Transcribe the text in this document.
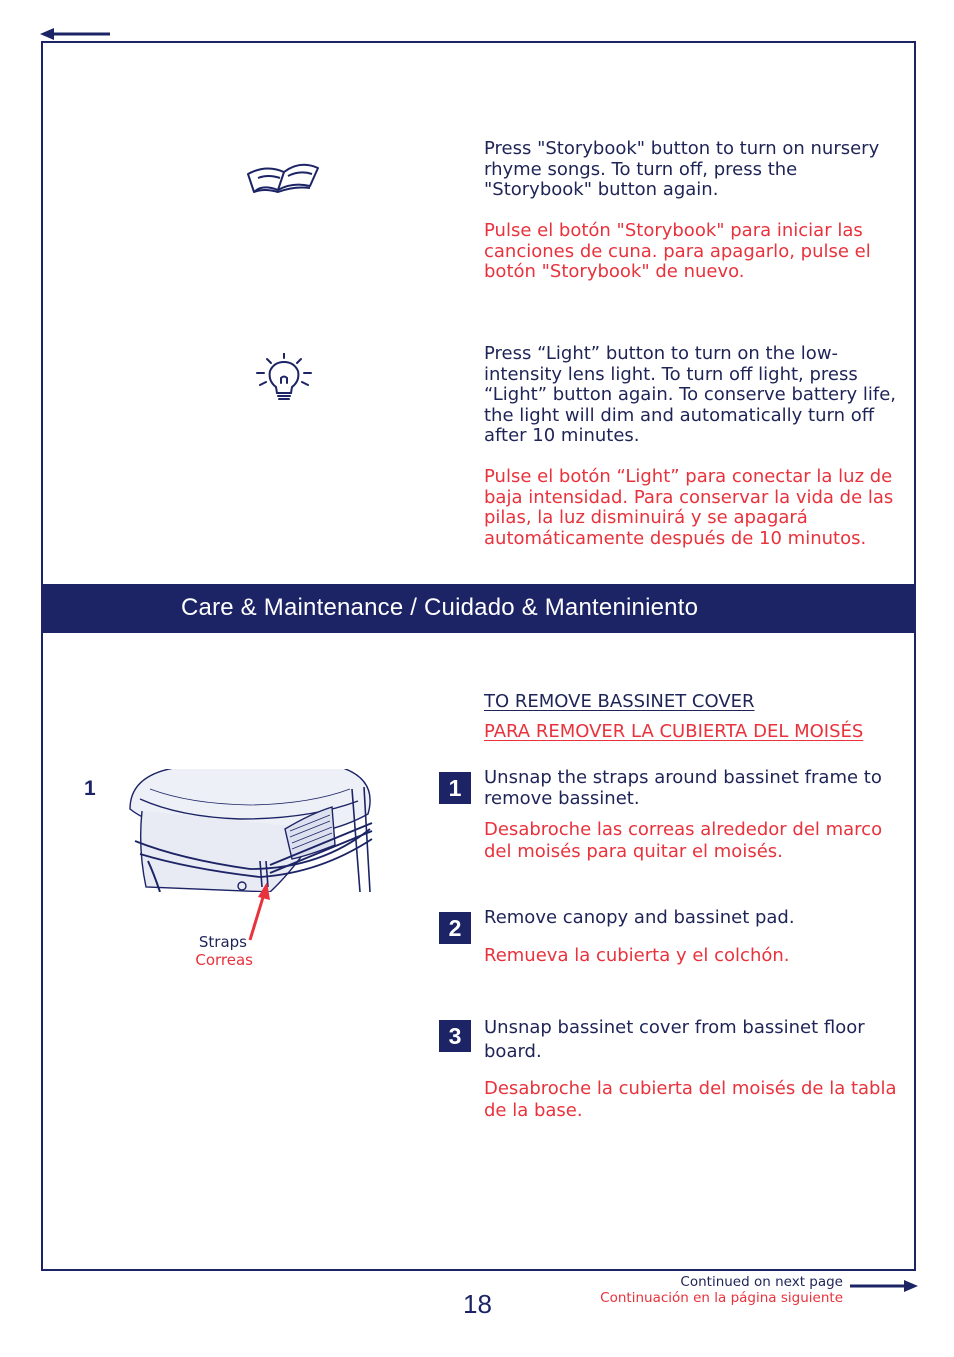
Press "Storybook" button to turn on nursery rhyme songs. To turn off, press the "Storybook" button again.
Pulse el botón "Storybook" para iniciar las canciones de cuna. para apagarlo, pulse el botón "Storybook" de nuevo.
Press “Light” button to turn on the low-intensity lens light. To turn off light, press “Light” button again. To conserve battery life, the light will dim and automatically turn off after 10 minutes.
Pulse el botón “Light” para conectar la luz de baja intensidad. Para conservar la vida de las pilas, la luz disminuirá y se apagará automáticamente después de 10 minutos.
Care & Maintenance / Cuidado & Manteniniento
TO REMOVE BASSINET COVER
PARA REMOVER LA CUBIERTA DEL MOISÉS
1
Straps
Correas
1	Unsnap the straps around bassinet frame to remove bassinet.
Desabroche las correas alrededor del marco del moisés para quitar el moisés.
2	Remove canopy and bassinet pad.
Remueva la cubierta y el colchón.
3	Unsnap bassinet cover from bassinet floor board.
Desabroche la cubierta del moisés de la tabla de la base.
Continued on next page
Continuación en la página siguiente
18
